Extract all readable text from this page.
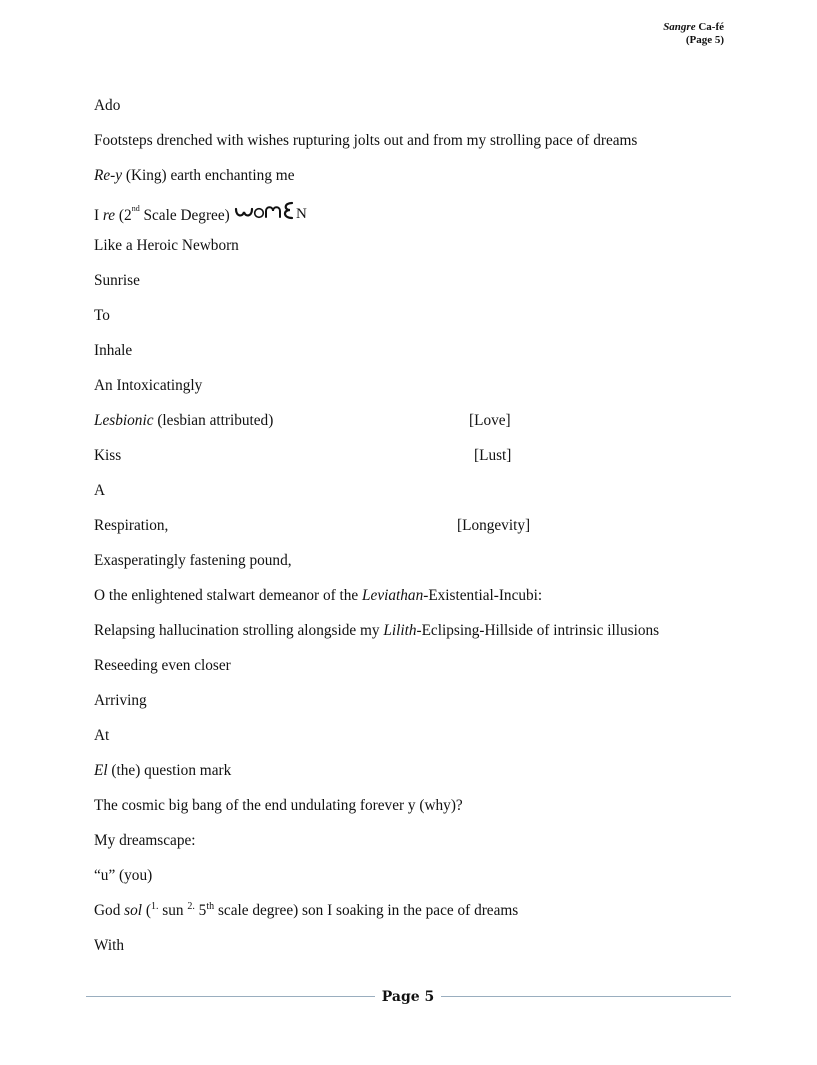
Sangre Ca-fé
(Page 5)
Ado
Footsteps drenched with wishes rupturing jolts out and from my strolling pace of dreams
Re-y (King) earth enchanting me
I re (2nd Scale Degree)	N
Like a Heroic Newborn
Sunrise
To
Inhale
An Intoxicatingly
Lesbionic (lesbian attributed)	[Love]
Kiss	[Lust]
A
Respiration,	[Longevity]
Exasperatingly fastening pound,
O the enlightened stalwart demeanor of the Leviathan-Existential-Incubi:
Relapsing hallucination strolling alongside my Lilith-Eclipsing-Hillside of intrinsic illusions
Reseeding even closer
Arriving
At
El (the) question mark
The cosmic big bang of the end undulating forever y (why)?
My dreamscape:
“u” (you)
God sol ($^{1.}$ sun $^{2.}$ 5th scale degree) son I soaking in the pace of dreams
With
Page 5
